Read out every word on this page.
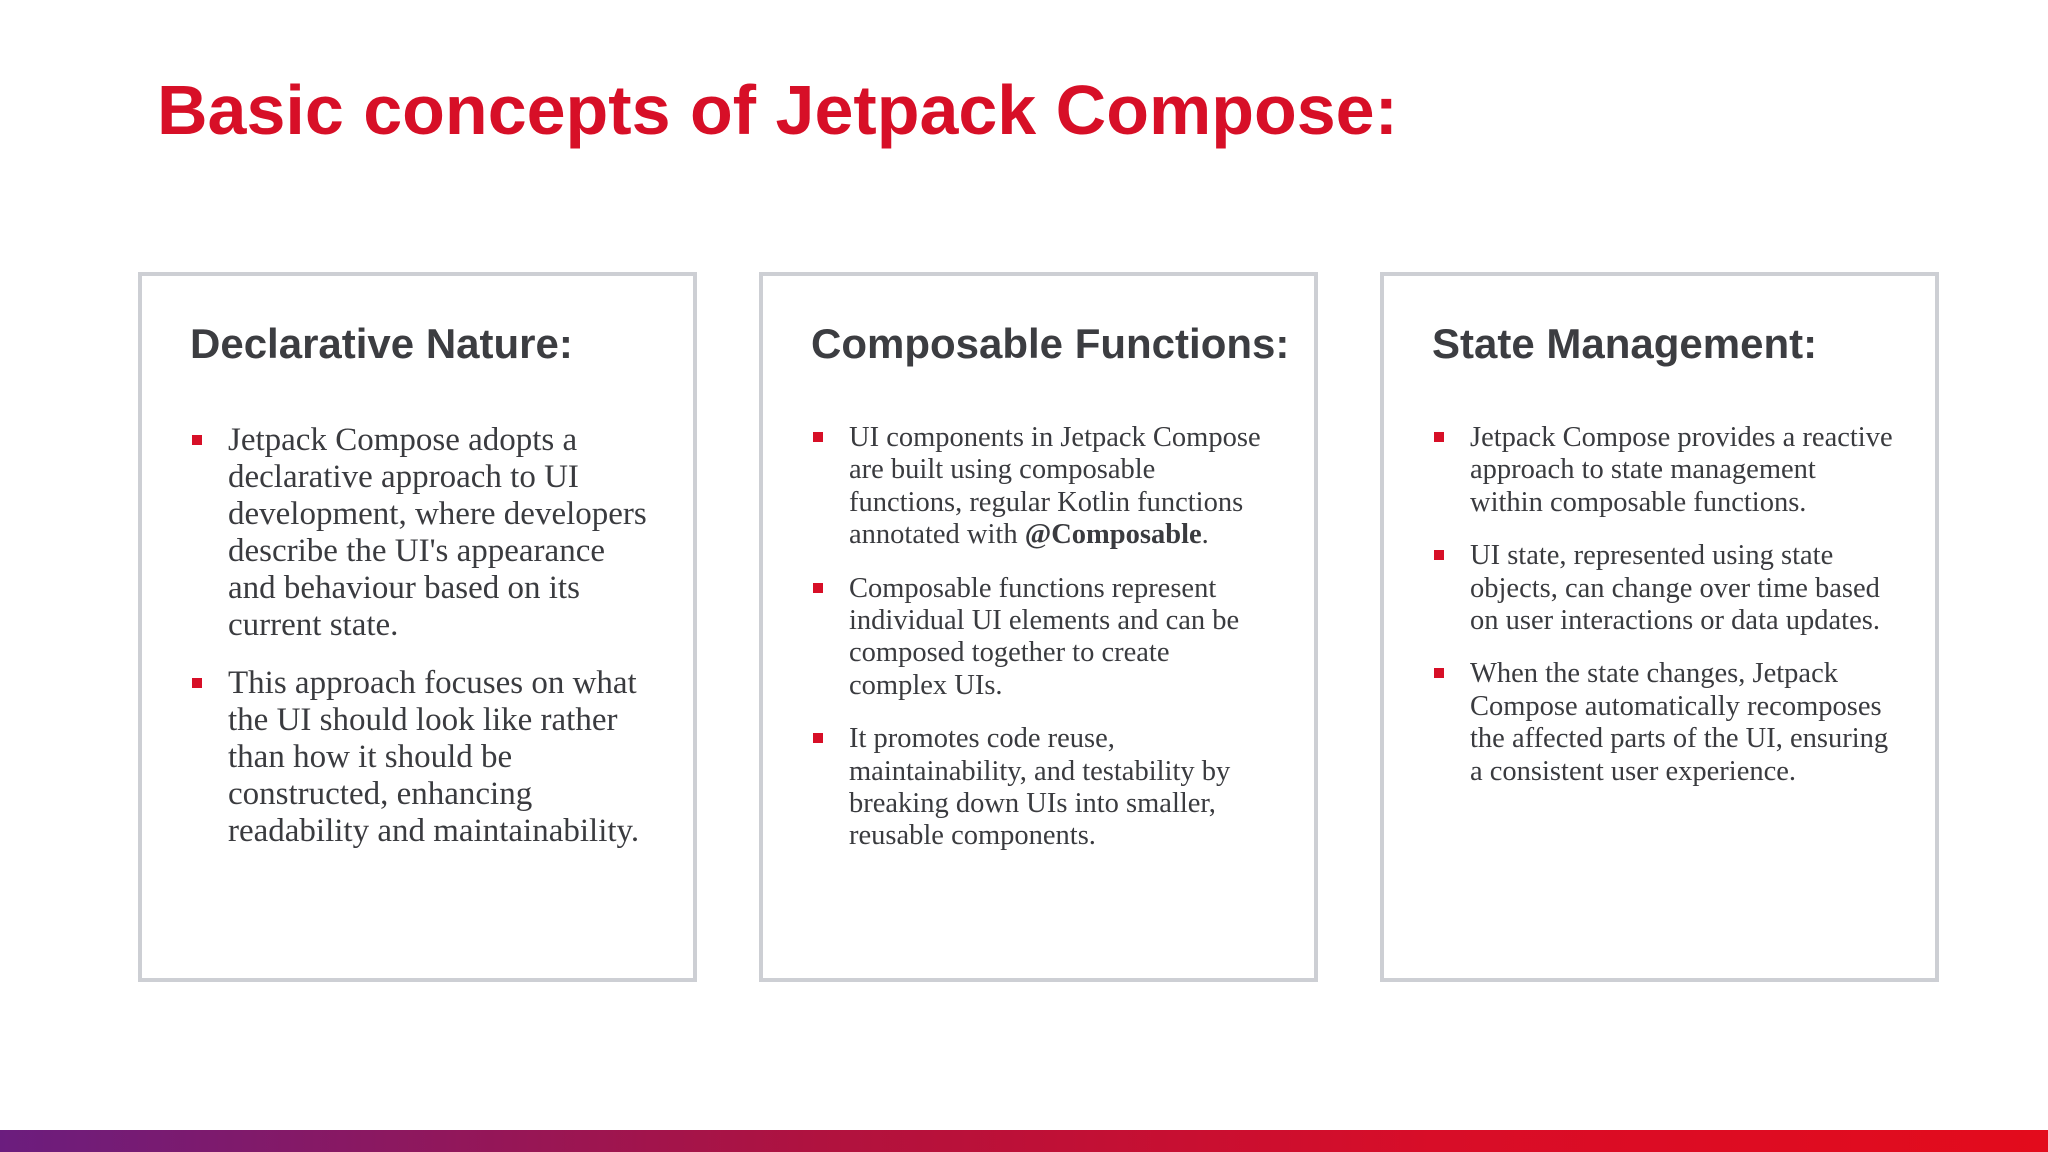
Basic concepts of Jetpack Compose:
Declarative Nature:
Jetpack Compose adopts a declarative approach to UI development, where developers describe the UI's appearance and behaviour based on its current state.
This approach focuses on what the UI should look like rather than how it should be constructed, enhancing readability and maintainability.
Composable Functions:
UI components in Jetpack Compose are built using composable functions, regular Kotlin functions annotated with @Composable.
Composable functions represent individual UI elements and can be composed together to create complex UIs.
It promotes code reuse, maintainability, and testability by breaking down UIs into smaller, reusable components.
State Management:
Jetpack Compose provides a reactive approach to state management within composable functions.
UI state, represented using state objects, can change over time based on user interactions or data updates.
When the state changes, Jetpack Compose automatically recomposes the affected parts of the UI, ensuring a consistent user experience.
